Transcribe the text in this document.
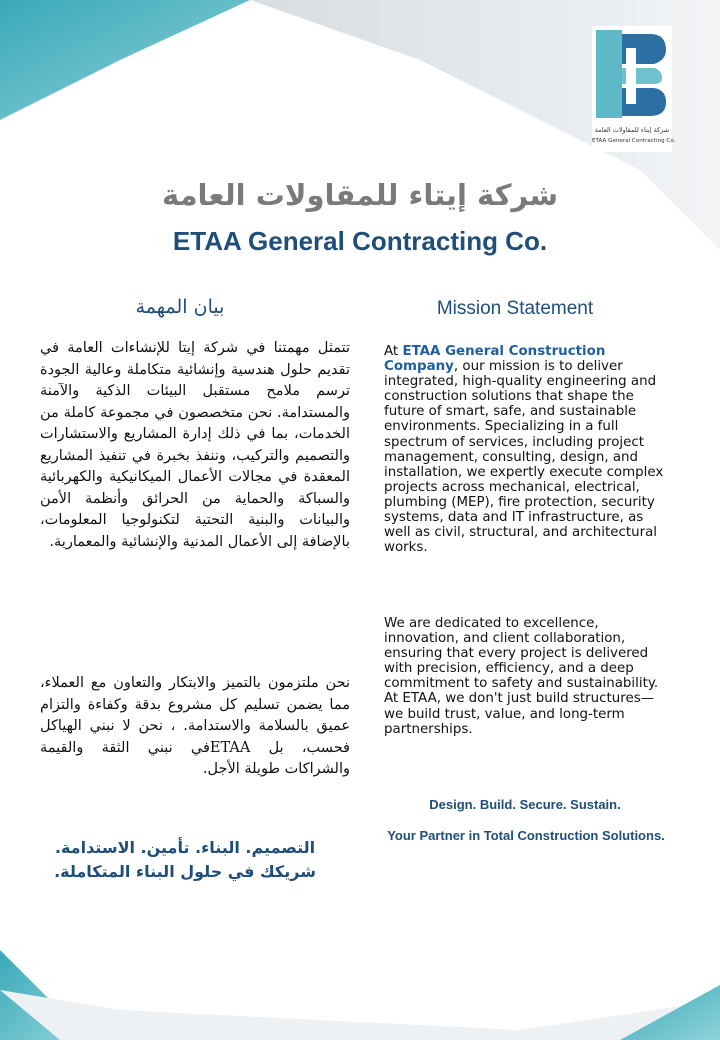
شركة إيتاء للمقاولات العامة
ETAA General Contracting Co.
شركة إيتاء للمقاولات العامة
ETAA General Contracting Co.
بيان المهمة	Mission Statement

تتمثل مهمتنا في شركة إيتا للإنشاءات العامة في تقديم حلول هندسية وإنشائية متكاملة وعالية الجودة ترسم ملامح مستقبل البيئات الذكية والآمنة والمستدامة. نحن متخصصون في مجموعة كاملة من الخدمات، بما في ذلك إدارة المشاريع والاستشارات والتصميم والتركيب، وننفذ بخبرة في تنفيذ المشاريع المعقدة في مجالات الأعمال الميكانيكية والكهربائية والسباكة والحماية من الحرائق وأنظمة الأمن والبيانات والبنية التحتية لتكنولوجيا المعلومات، بالإضافة إلى الأعمال المدنية والإنشائية والمعمارية.

نحن ملتزمون بالتميز والابتكار والتعاون مع العملاء، مما يضمن تسليم كل مشروع بدقة وكفاءة والتزام عميق بالسلامة والاستدامة. ، نحن لا نبني الهياكل فحسب، بل ETAAفي نبني الثقة والقيمة والشراكات طويلة الأجل.

At ETAA General Construction Company, our mission is to deliver integrated, high-quality engineering and construction solutions that shape the future of smart, safe, and sustainable environments. Specializing in a full spectrum of services, including project management, consulting, design, and installation, we expertly execute complex projects across mechanical, electrical, plumbing (MEP), fire protection, security systems, data and IT infrastructure, as well as civil, structural, and architectural works.

We are dedicated to excellence, innovation, and client collaboration, ensuring that every project is delivered with precision, efficiency, and a deep commitment to safety and sustainability. At ETAA, we don't just build structures—we build trust, value, and long-term partnerships.

Design. Build. Secure. Sustain.
Your Partner in Total Construction Solutions.
التصميم. البناء. تأمين. الاستدامة.
شريكك في حلول البناء المتكاملة.
